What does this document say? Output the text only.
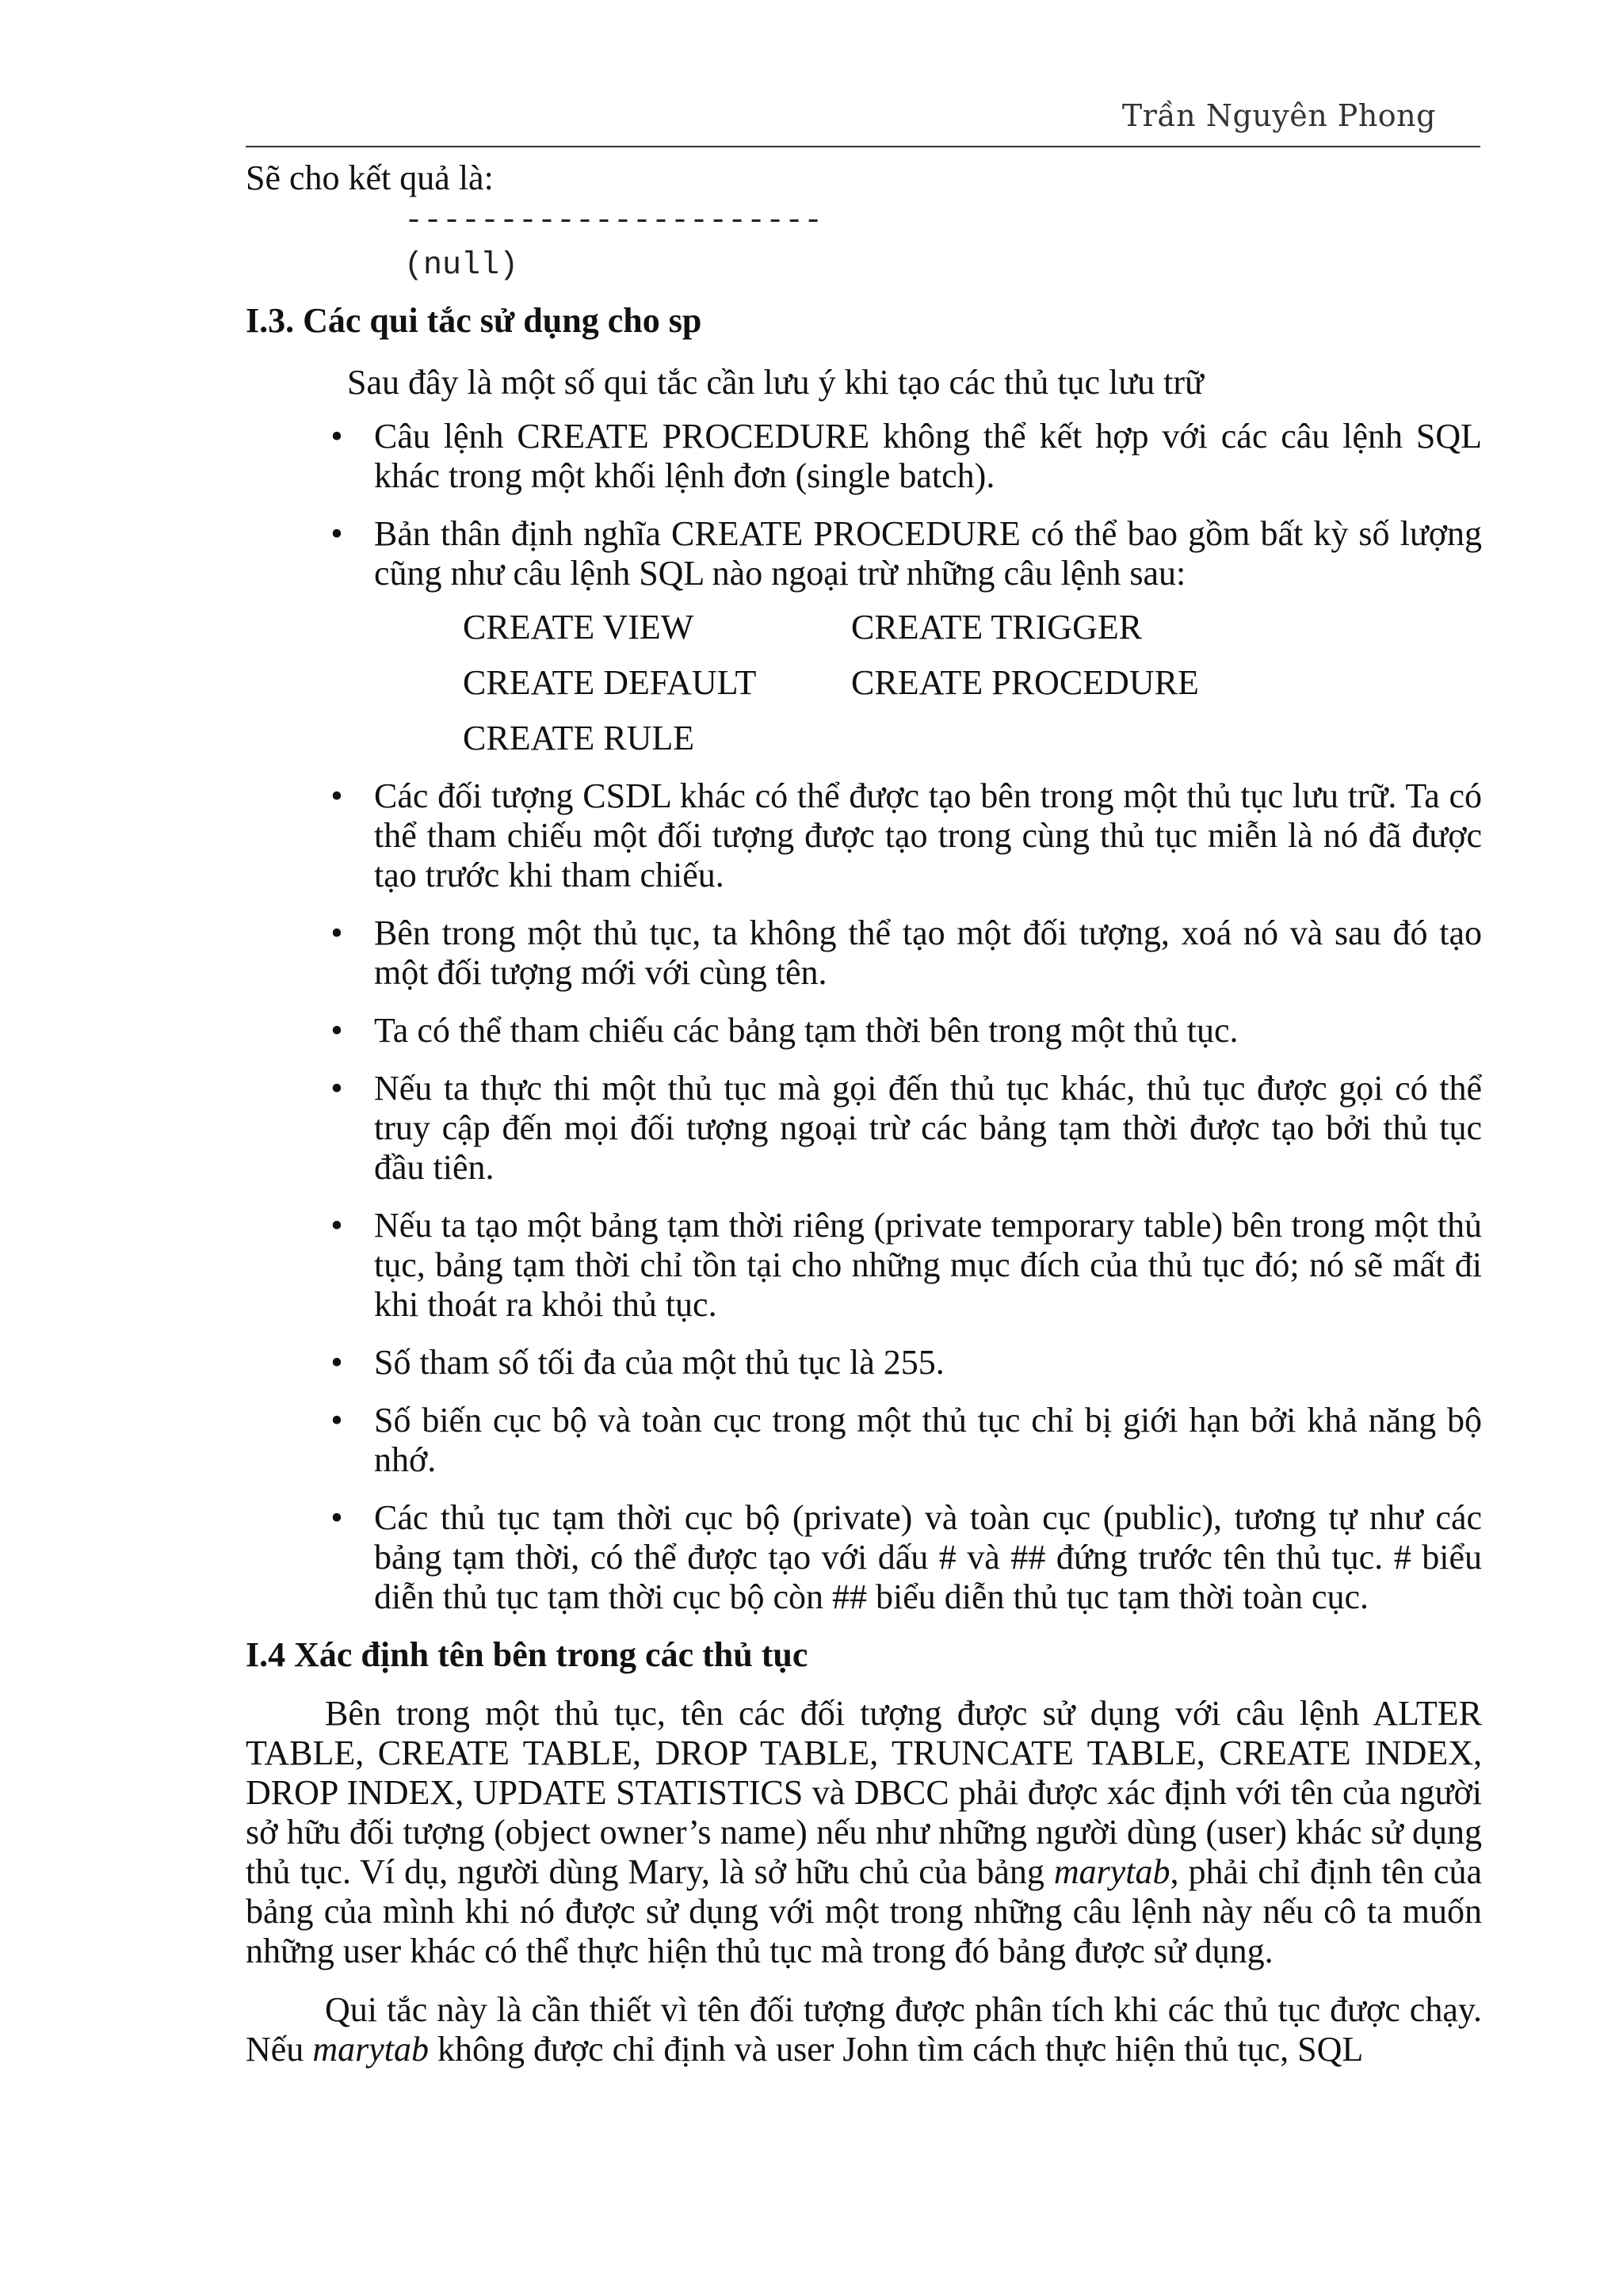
Trần Nguyên Phong

Sẽ cho kết quả là:

----------------------
(null)
I.3. Các qui tắc sử dụng cho sp

Sau đây là một số qui tắc cần lưu ý khi tạo các thủ tục lưu trữ

• Câu lệnh CREATE PROCEDURE không thể kết hợp với các câu lệnh SQL khác trong một khối lệnh đơn (single batch).
• Bản thân định nghĩa CREATE PROCEDURE có thể bao gồm bất kỳ số lượng cũng như câu lệnh SQL nào ngoại trừ những câu lệnh sau:
CREATE VIEW	CREATE TRIGGER
CREATE DEFAULT	CREATE PROCEDURE
CREATE RULE
• Các đối tượng CSDL khác có thể được tạo bên trong một thủ tục lưu trữ. Ta có thể tham chiếu một đối tượng được tạo trong cùng thủ tục miễn là nó đã được tạo trước khi tham chiếu.
• Bên trong một thủ tục, ta không thể tạo một đối tượng, xoá nó và sau đó tạo một đối tượng mới với cùng tên.
• Ta có thể tham chiếu các bảng tạm thời bên trong một thủ tục.
• Nếu ta thực thi một thủ tục mà gọi đến thủ tục khác, thủ tục được gọi có thể truy cập đến mọi đối tượng ngoại trừ các bảng tạm thời được tạo bởi thủ tục đầu tiên.
• Nếu ta tạo một bảng tạm thời riêng (private temporary table) bên trong một thủ tục, bảng tạm thời chỉ tồn tại cho những mục đích của thủ tục đó; nó sẽ mất đi khi thoát ra khỏi thủ tục.
• Số tham số tối đa của một thủ tục là 255.
• Số biến cục bộ và toàn cục trong một thủ tục chỉ bị giới hạn bởi khả năng bộ nhớ.
• Các thủ tục tạm thời cục bộ (private) và toàn cục (public), tương tự như các bảng tạm thời, có thể được tạo với dấu # và ## đứng trước tên thủ tục. # biểu diễn thủ tục tạm thời cục bộ còn ## biểu diễn thủ tục tạm thời toàn cục.
I.4 Xác định tên bên trong các thủ tục

Bên trong một thủ tục, tên các đối tượng được sử dụng với câu lệnh ALTER TABLE, CREATE TABLE, DROP TABLE, TRUNCATE TABLE, CREATE INDEX, DROP INDEX, UPDATE STATISTICS và DBCC phải được xác định với tên của người sở hữu đối tượng (object owner’s name) nếu như những người dùng (user) khác sử dụng thủ tục. Ví dụ, người dùng Mary, là sở hữu chủ của bảng marytab, phải chỉ định tên của bảng của mình khi nó được sử dụng với một trong những câu lệnh này nếu cô ta muốn những user khác có thể thực hiện thủ tục mà trong đó bảng được sử dụng.

Qui tắc này là cần thiết vì tên đối tượng được phân tích khi các thủ tục được chạy. Nếu marytab không được chỉ định và user John tìm cách thực hiện thủ tục, SQL
